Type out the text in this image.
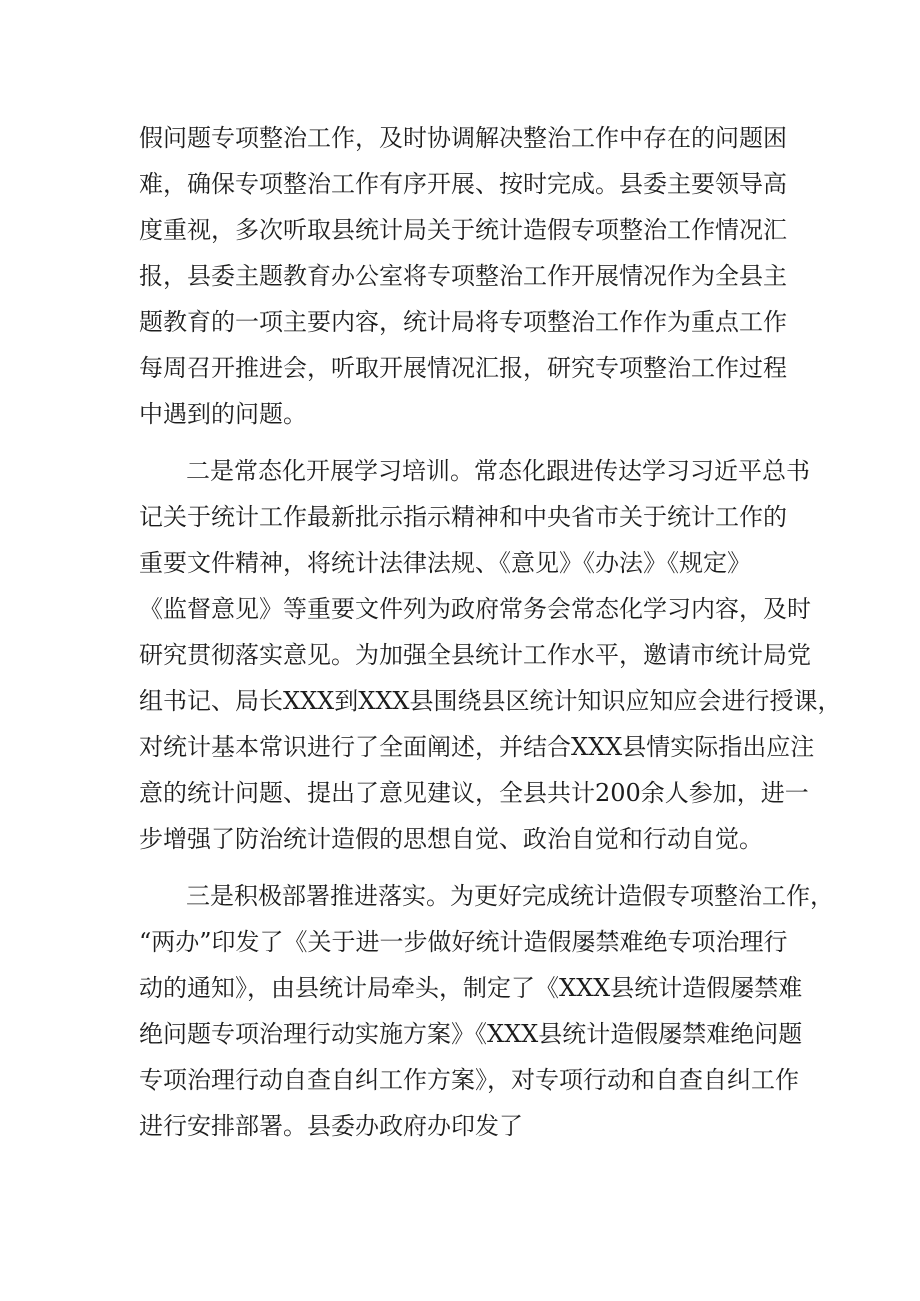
假问题专项整治工作，及时协调解决整治工作中存在的问题困
难，确保专项整治工作有序开展、按时完成。县委主要领导高
度重视，多次听取县统计局关于统计造假专项整治工作情况汇
报，县委主题教育办公室将专项整治工作开展情况作为全县主
题教育的一项主要内容，统计局将专项整治工作作为重点工作
每周召开推进会，听取开展情况汇报，研究专项整治工作过程
中遇到的问题。
二是常态化开展学习培训。常态化跟进传达学习习近平总书
记关于统计工作最新批示指示精神和中央省市关于统计工作的
重要文件精神，将统计法律法规、《意见》《办法》《规定》
《监督意见》等重要文件列为政府常务会常态化学习内容，及时
研究贯彻落实意见。为加强全县统计工作水平，邀请市统计局党
组书记、局长XXX到XXX县围绕县区统计知识应知应会进行授课，
对统计基本常识进行了全面阐述，并结合XXX县情实际指出应注
意的统计问题、提出了意见建议，全县共计200余人参加，进一
步增强了防治统计造假的思想自觉、政治自觉和行动自觉。
三是积极部署推进落实。为更好完成统计造假专项整治工作，
“两办”印发了《关于进一步做好统计造假屡禁难绝专项治理行
动的通知》，由县统计局牵头，制定了《XXX县统计造假屡禁难
绝问题专项治理行动实施方案》《XXX县统计造假屡禁难绝问题
专项治理行动自查自纠工作方案》，对专项行动和自查自纠工作
进行安排部署。县委办政府办印发了
